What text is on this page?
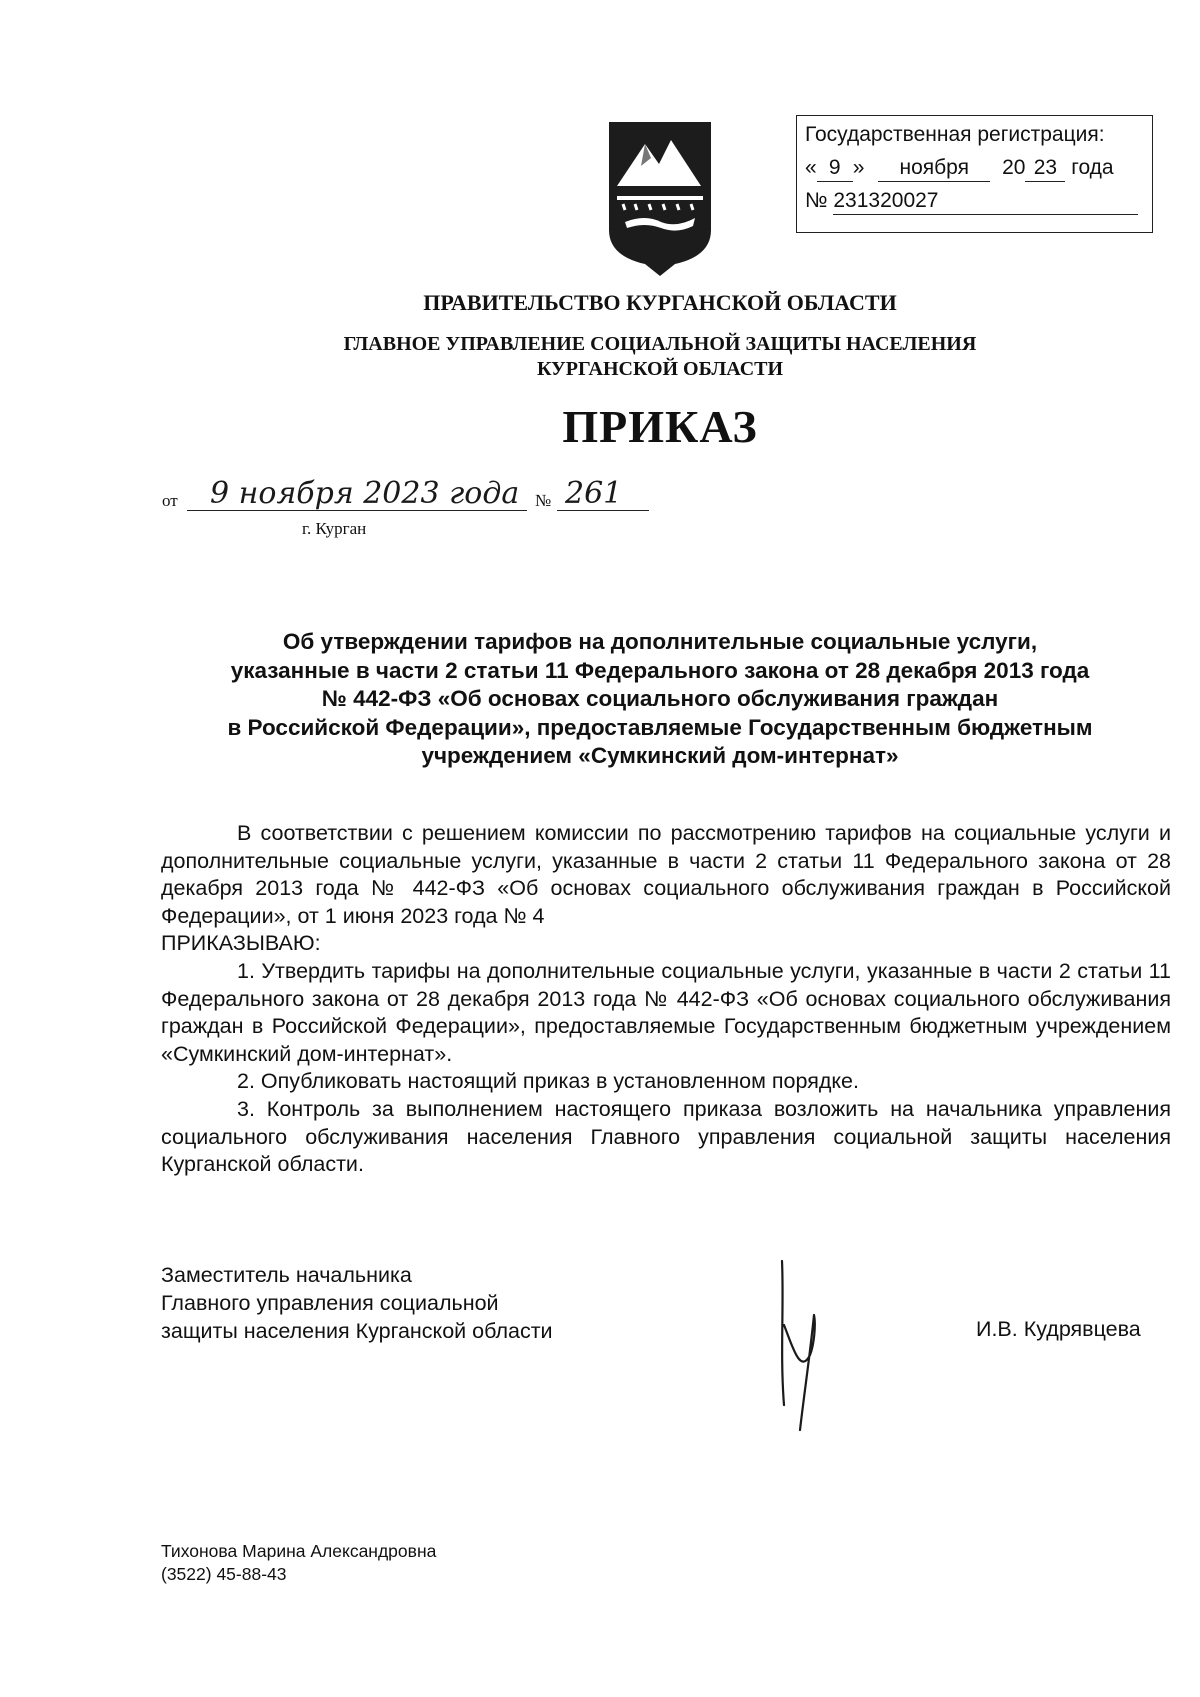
Государственная регистрация:
« 9 » ноября 20 23 года
№ 231320027
ПРАВИТЕЛЬСТВО КУРГАНСКОЙ ОБЛАСТИ
ГЛАВНОЕ УПРАВЛЕНИЕ СОЦИАЛЬНОЙ ЗАЩИТЫ НАСЕЛЕНИЯ
КУРГАНСКОЙ ОБЛАСТИ
ПРИКАЗ
от 9 ноября 2023 года № 261
г. Курган
Об утверждении тарифов на дополнительные социальные услуги,
указанные в части 2 статьи 11 Федерального закона от 28 декабря 2013 года
№ 442-ФЗ «Об основах социального обслуживания граждан
в Российской Федерации», предоставляемые Государственным бюджетным
учреждением «Сумкинский дом-интернат»

В соответствии с решением комиссии по рассмотрению тарифов на социальные услуги и дополнительные социальные услуги, указанные в части 2 статьи 11 Федерального закона от 28 декабря 2013 года № 442-ФЗ «Об основах социального обслуживания граждан в Российской Федерации», от 1 июня 2023 года № 4

ПРИКАЗЫВАЮ:

1. Утвердить тарифы на дополнительные социальные услуги, указанные в части 2 статьи 11 Федерального закона от 28 декабря 2013 года № 442-ФЗ «Об основах социального обслуживания граждан в Российской Федерации», предоставляемые Государственным бюджетным учреждением «Сумкинский дом-интернат».

2. Опубликовать настоящий приказ в установленном порядке.

3. Контроль за выполнением настоящего приказа возложить на начальника управления социального обслуживания населения Главного управления социальной защиты населения Курганской области.

Заместитель начальника
Главного управления социальной
защиты населения Курганской области	И.В. Кудрявцева
Тихонова Марина Александровна
(3522) 45-88-43
